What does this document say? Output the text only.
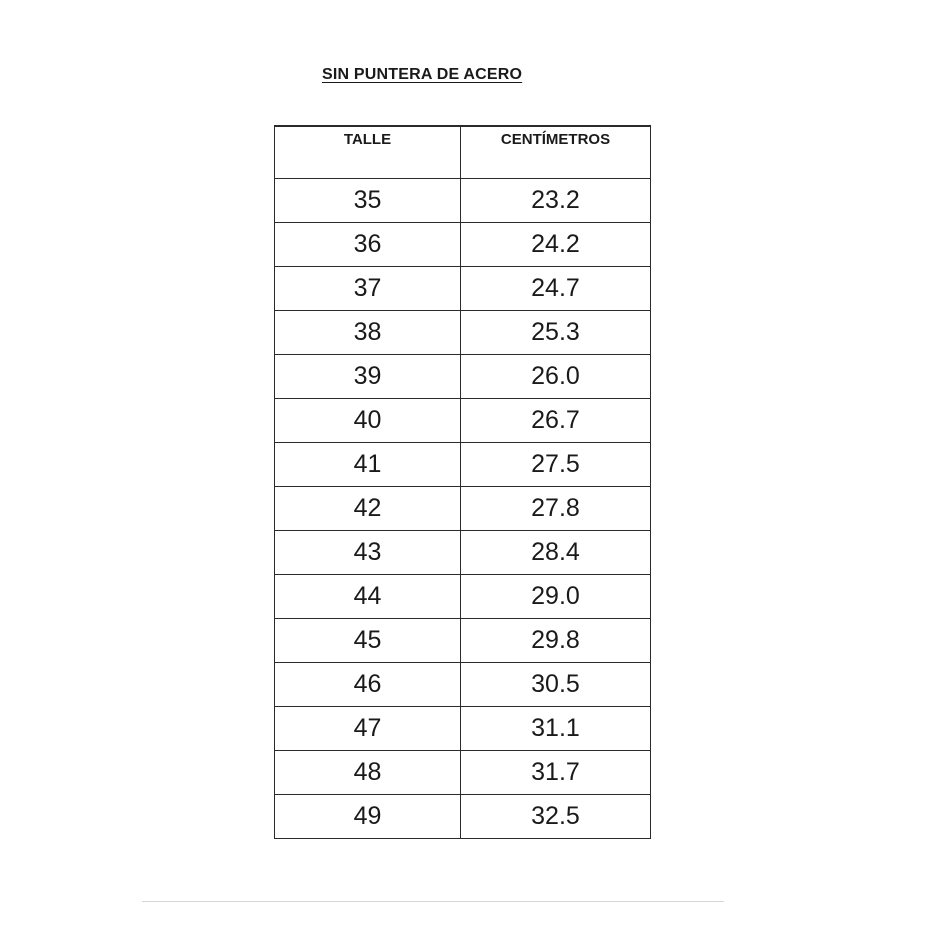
SIN PUNTERA DE ACERO
TALLE	CENTÍMETROS
35	23.2
36	24.2
37	24.7
38	25.3
39	26.0
40	26.7
41	27.5
42	27.8
43	28.4
44	29.0
45	29.8
46	30.5
47	31.1
48	31.7
49	32.5
